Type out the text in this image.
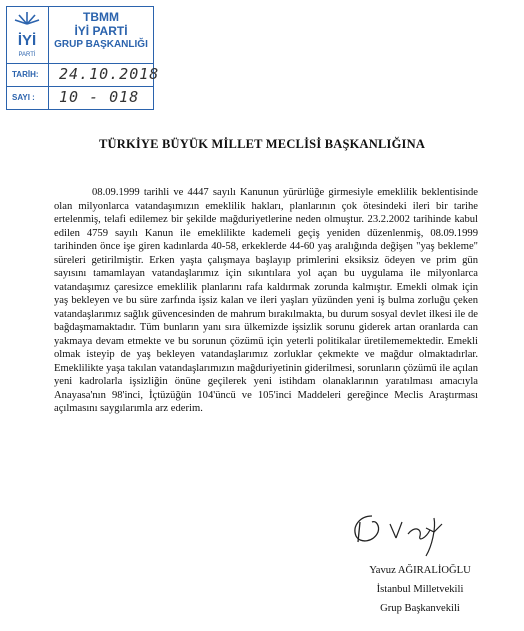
İYİ
PARTİ
TBMM
İYİ PARTİ
GRUP BAŞKANLIĞI
TARİH:	24.10.2018
SAYI :	10 - 018
TÜRKİYE BÜYÜK MİLLET MECLİSİ BAŞKANLIĞINA

08.09.1999 tarihli ve 4447 sayılı Kanunun yürürlüğe girmesiyle emeklilik beklentisinde olan milyonlarca vatandaşımızın emeklilik hakları, planlarının çok ötesindeki ileri bir tarihe ertelenmiş, telafi edilemez bir şekilde mağduriyetlerine neden olmuştur. 23.2.2002 tarihinde kabul edilen 4759 sayılı Kanun ile emeklilikte kademeli geçiş yeniden düzenlenmiş, 08.09.1999 tarihinden önce işe giren kadınlarda 40-58, erkeklerde 44-60 yaş aralığında değişen "yaş bekleme" süreleri getirilmiştir. Erken yaşta çalışmaya başlayıp primlerini eksiksiz ödeyen ve prim gün sayısını tamamlayan vatandaşlarımız için sıkıntılara yol açan bu uygulama ile milyonlarca vatandaşımız çaresizce emeklilik planlarını rafa kaldırmak zorunda kalmıştır. Emekli olmak için yaş bekleyen ve bu süre zarfında işsiz kalan ve ileri yaşları yüzünden yeni iş bulma zorluğu çeken vatandaşlarımız sağlık güvencesinden de mahrum bırakılmakta, bu durum sosyal devlet ilkesi ile de bağdaşmamaktadır. Tüm bunların yanı sıra ülkemizde işsizlik sorunu giderek artan oranlarda can yakmaya devam etmekte ve bu sorunun çözümü için yeterli politikalar üretilememektedir. Emekli olmak isteyip de yaş bekleyen vatandaşlarımız zorluklar çekmekte ve mağdur olmaktadırlar. Emeklilikte yaşa takılan vatandaşlarımızın mağduriyetinin giderilmesi, sorunların çözümü ile açılan yeni kadrolarla işsizliğin önüne geçilerek yeni istihdam olanaklarının yaratılması amacıyla Anayasa'nın 98'inci, İçtüzüğün 104'üncü ve 105'inci Maddeleri gereğince Meclis Araştırması açılmasını saygılarımla arz ederim.

Yavuz AĞIRALİOĞLU
İstanbul Milletvekili
Grup Başkanvekili
